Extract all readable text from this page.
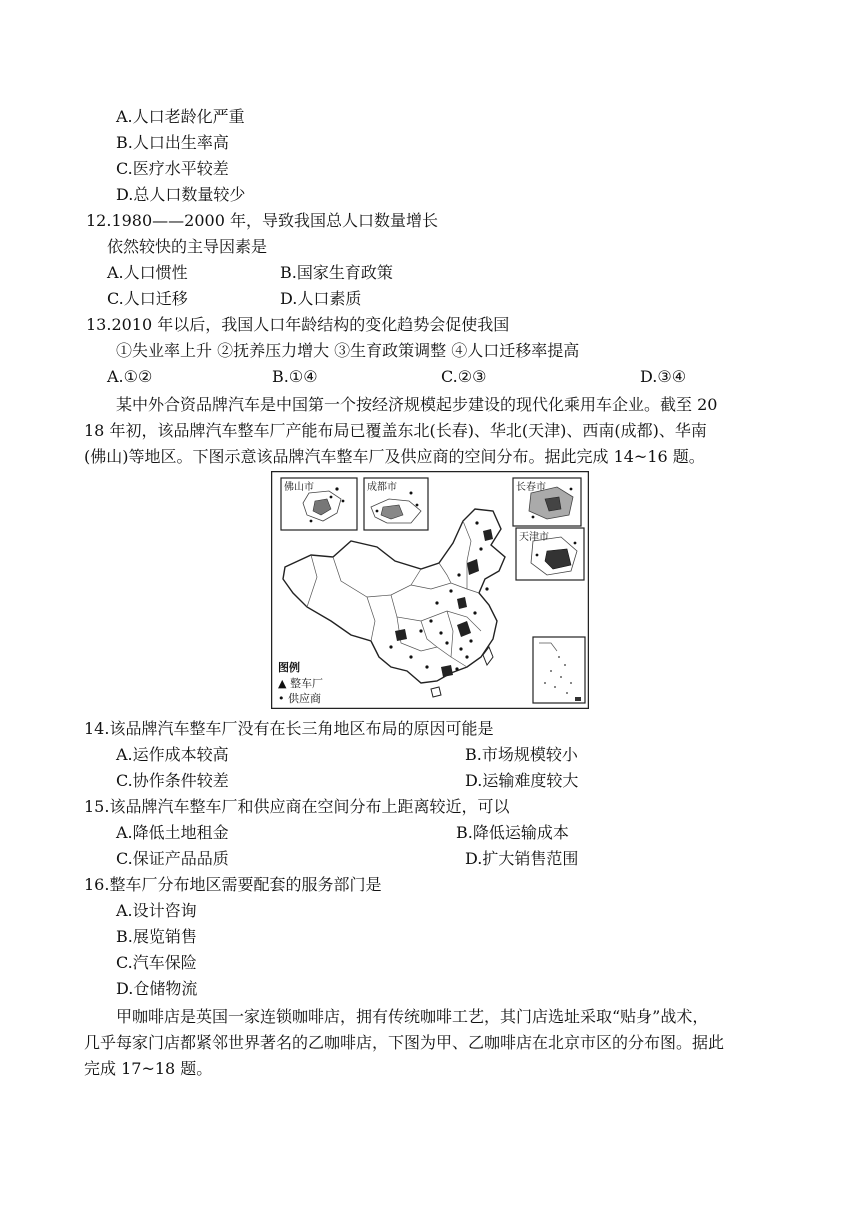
A.人口老龄化严重
B.人口出生率高
C.医疗水平较差
D.总人口数量较少
12.1980——2000 年，导致我国总人口数量增长
依然较快的主导因素是
A.人口惯性	B.国家生育政策
C.人口迁移	D.人口素质
13.2010 年以后，我国人口年龄结构的变化趋势会促使我国
①失业率上升 ②抚养压力增大 ③生育政策调整 ④人口迁移率提高
A.①②	B.①④	C.②③	D.③④
某中外合资品牌汽车是中国第一个按经济规模起步建设的现代化乘用车企业。截至 20
18 年初，该品牌汽车整车厂产能布局已覆盖东北(长春)、华北(天津)、西南(成都)、华南
(佛山)等地区。下图示意该品牌汽车整车厂及供应商的空间分布。据此完成 14~16 题。
佛山市	成都市	长春市
天津市
图例
▲ 整车厂
• 供应商
14.该品牌汽车整车厂没有在长三角地区布局的原因可能是
A.运作成本较高	B.市场规模较小
C.协作条件较差	D.运输难度较大
15.该品牌汽车整车厂和供应商在空间分布上距离较近，可以
A.降低土地租金	B.降低运输成本
C.保证产品品质	D.扩大销售范围
16.整车厂分布地区需要配套的服务部门是
A.设计咨询
B.展览销售
C.汽车保险
D.仓储物流
甲咖啡店是英国一家连锁咖啡店，拥有传统咖啡工艺，其门店选址采取“贴身”战术，
几乎每家门店都紧邻世界著名的乙咖啡店，下图为甲、乙咖啡店在北京市区的分布图。据此
完成 17~18 题。
